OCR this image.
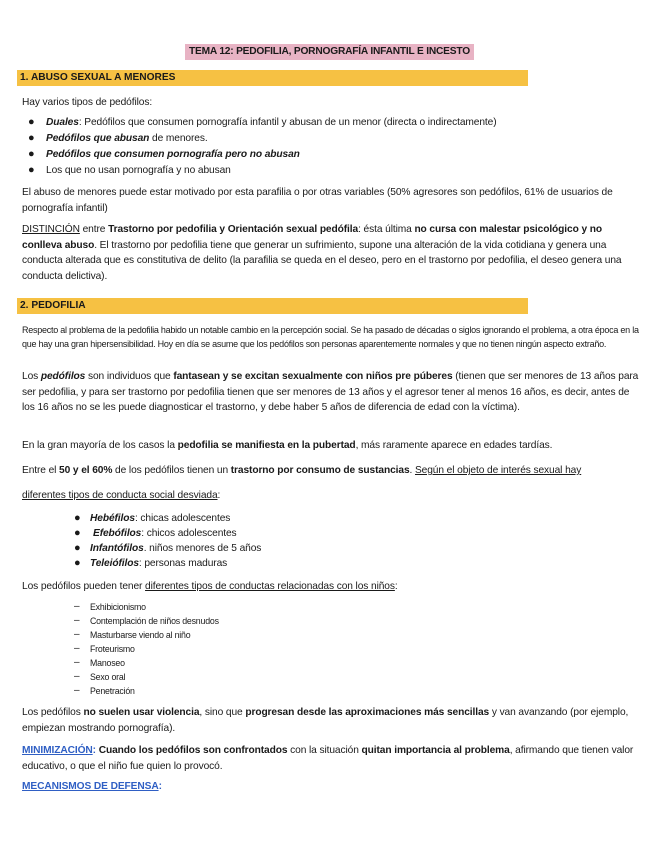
TEMA 12: PEDOFILIA, PORNOGRAFÍA INFANTIL E INCESTO
1. ABUSO SEXUAL A MENORES
Hay varios tipos de pedófilos:
● Duales: Pedófilos que consumen pornografía infantil y abusan de un menor (directa o indirectamente)
● Pedófilos que abusan de menores.
● Pedófilos que consumen pornografía pero no abusan
● Los que no usan pornografía y no abusan
El abuso de menores puede estar motivado por esta parafilia o por otras variables (50% agresores son pedófilos, 61% de usuarios de pornografía infantil)
DISTINCIÓN entre Trastorno por pedofilia y Orientación sexual pedófila: ésta última no cursa con malestar psicológico y no conlleva abuso. El trastorno por pedofilia tiene que generar un sufrimiento, supone una alteración de la vida cotidiana y genera una conducta alterada que es constitutiva de delito (la parafilia se queda en el deseo, pero en el trastorno por pedofilia, el deseo genera una conducta delictiva).
2. PEDOFILIA
Respecto al problema de la pedofilia habido un notable cambio en la percepción social. Se ha pasado de décadas o siglos ignorando el problema, a otra época en la que hay una gran hipersensibilidad. Hoy en día se asume que los pedófilos son personas aparentemente normales y que no tienen ningún aspecto extraño.
Los pedófilos son individuos que fantasean y se excitan sexualmente con niños pre púberes (tienen que ser menores de 13 años para ser pedofilia, y para ser trastorno por pedofilia tienen que ser menores de 13 años y el agresor tener al menos 16 años, es decir, antes de los 16 años no se les puede diagnosticar el trastorno, y debe haber 5 años de diferencia de edad con la víctima).
En la gran mayoría de los casos la pedofilia se manifiesta en la pubertad, más raramente aparece en edades tardías.
Entre el 50 y el 60% de los pedófilos tienen un trastorno por consumo de sustancias. Según el objeto de interés sexual hay
diferentes tipos de conducta social desviada:
● Hebéfilos: chicas adolescentes
● Efebófilos: chicos adolescentes
● Infantófilos. niños menores de 5 años
● Teleiófilos: personas maduras
Los pedófilos pueden tener diferentes tipos de conductas relacionadas con los niños:
– Exhibicionismo
– Contemplación de niños desnudos
– Masturbarse viendo al niño
– Froteurismo
– Manoseo
– Sexo oral
– Penetración
Los pedófilos no suelen usar violencia, sino que progresan desde las aproximaciones más sencillas y van avanzando (por ejemplo, empiezan mostrando pornografía).
MINIMIZACIÓN: Cuando los pedófilos son confrontados con la situación quitan importancia al problema, afirmando que tienen valor educativo, o que el niño fue quien lo provocó.
MECANISMOS DE DEFENSA:
